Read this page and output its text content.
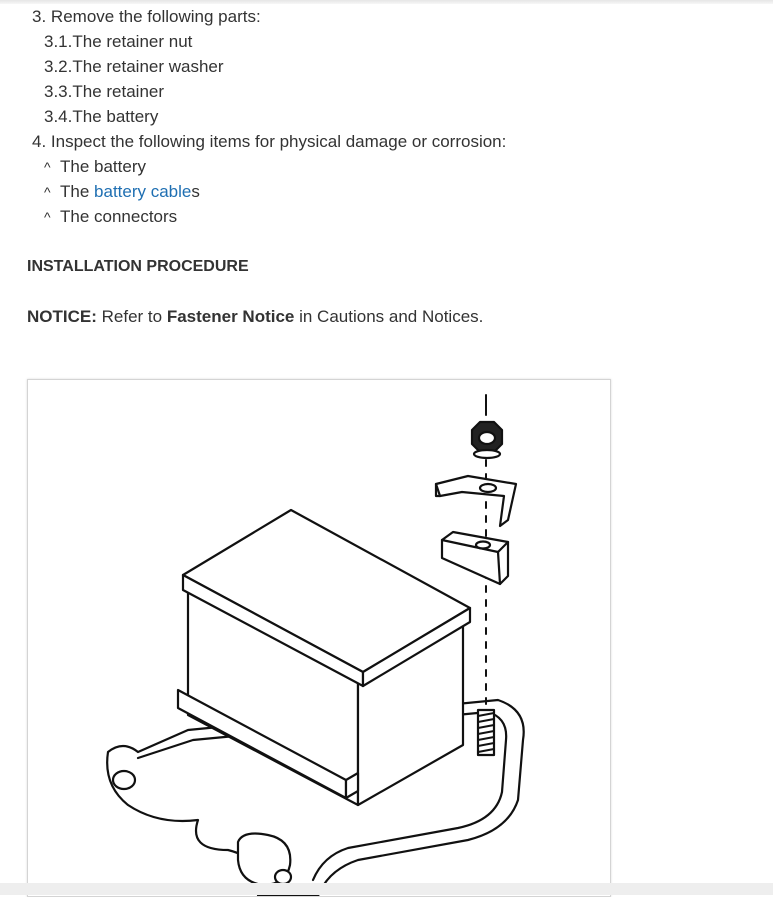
3. Remove the following parts:
3.1.The retainer nut
3.2.The retainer washer
3.3.The retainer
3.4.The battery
4. Inspect the following items for physical damage or corrosion:
^ The battery
^ The battery cables
^ The connectors
INSTALLATION PROCEDURE
NOTICE: Refer to Fastener Notice in Cautions and Notices.
